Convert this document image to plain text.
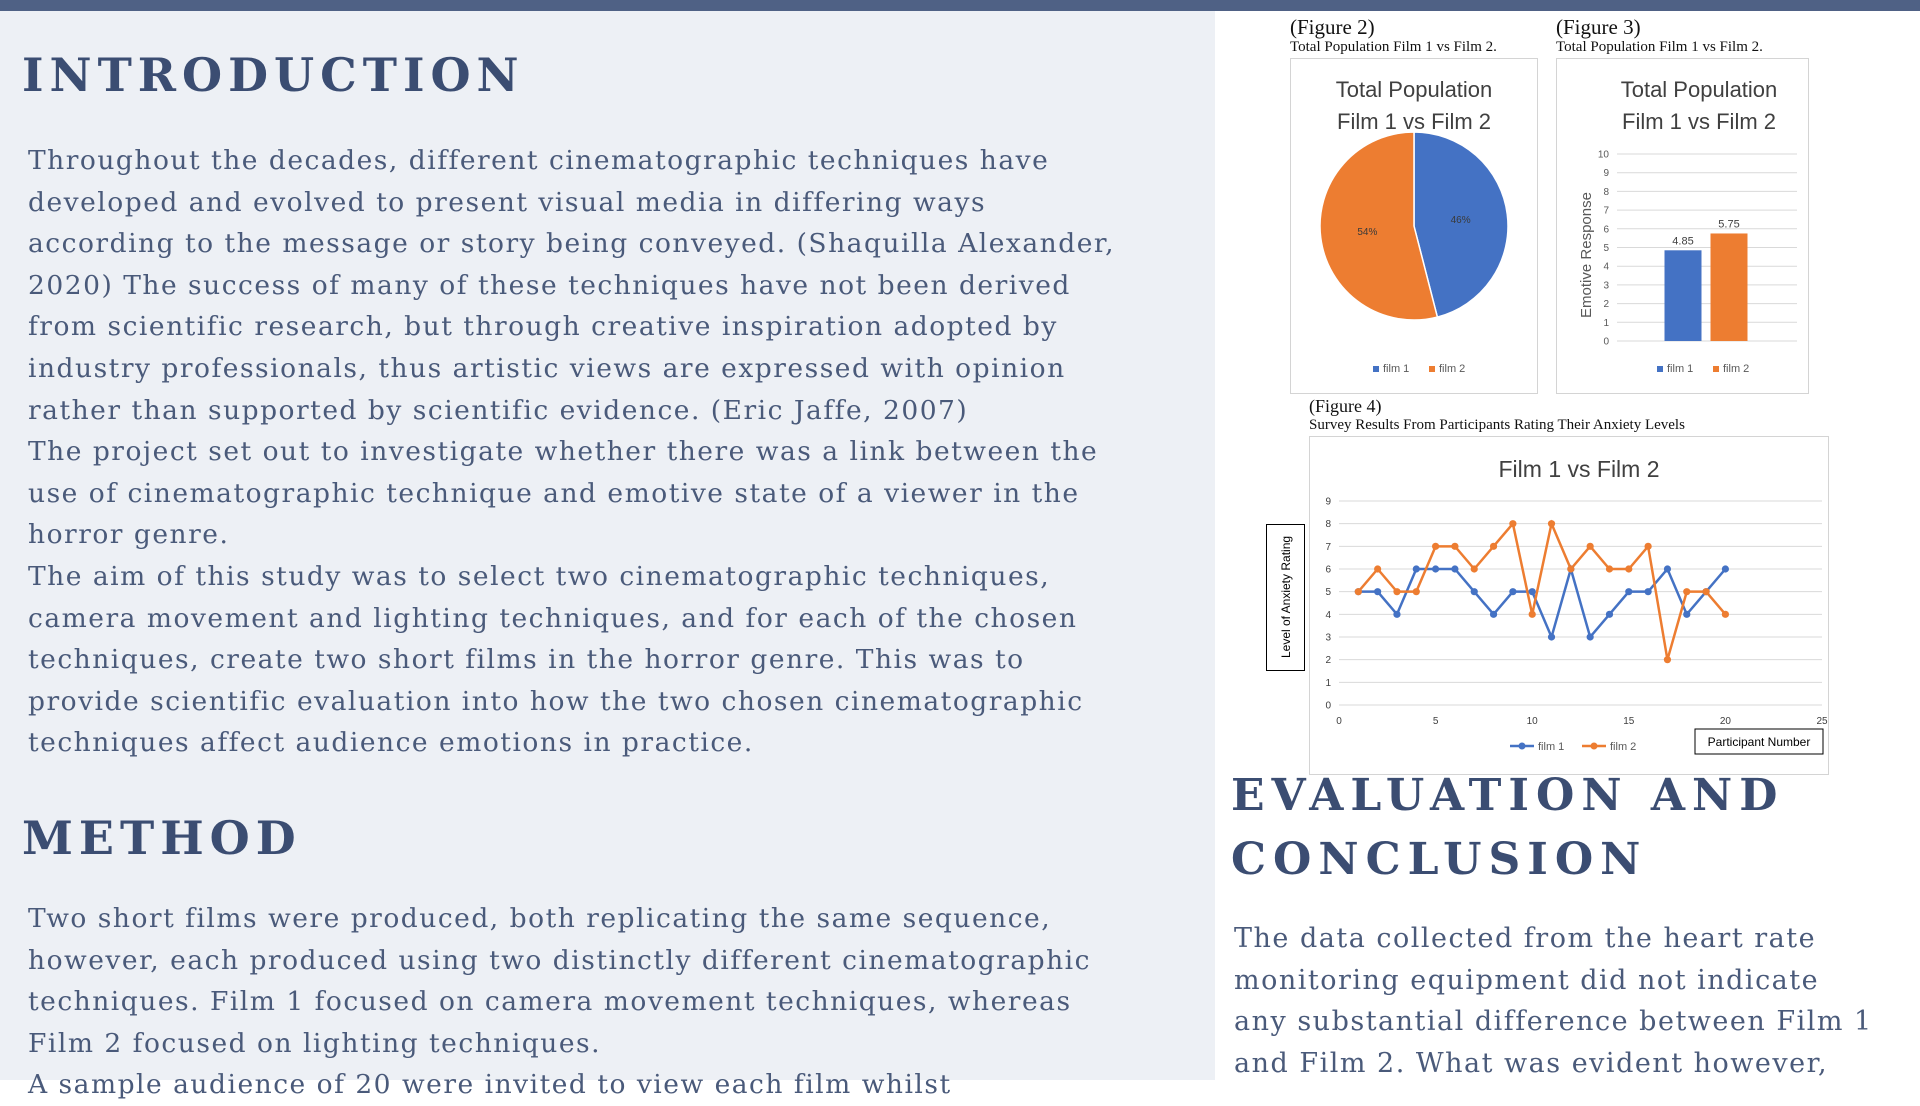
INTRODUCTION
Throughout the decades, different cinematographic techniques have
developed and evolved to present visual media in differing ways
according to the message or story being conveyed. (Shaquilla Alexander,
2020) The success of many of these techniques have not been derived
from scientific research, but through creative inspiration adopted by
industry professionals, thus artistic views are expressed with opinion
rather than supported by scientific evidence. (Eric Jaffe, 2007)
The project set out to investigate whether there was a link between the
use of cinematographic technique and emotive state of a viewer in the
horror genre.
The aim of this study was to select two cinematographic techniques,
camera movement and lighting techniques, and for each of the chosen
techniques, create two short films in the horror genre. This was to
provide scientific evaluation into how the two chosen cinematographic
techniques affect audience emotions in practice.
METHOD
Two short films were produced, both replicating the same sequence,
however, each produced using two distinctly different cinematographic
techniques. Film 1 focused on camera movement techniques, whereas
Film 2 focused on lighting techniques.
A sample audience of 20 were invited to view each film whilst
(Figure 2)
Total Population Film 1 vs Film 2.
(Figure 3)
Total Population Film 1 vs Film 2.
Total Population
Film 1 vs Film 2
46%
54%
film 1	film 2
Total Population
Film 1 vs Film 2
Emotive Response
0
1
2
3
4
5
6
7
8
9
10
4.85
5.75
film 1	film 2
(Figure 4)
Survey Results From Participants Rating Their Anxiety Levels
Film 1 vs Film 2
0
1
2
3
4
5
6
7
8
9
0	5	10	15	20	25
film 1	film 2	Participant Number
Level of Anxiety Rating
EVALUATION AND
CONCLUSION
The data collected from the heart rate
monitoring equipment did not indicate
any substantial difference between Film 1
and Film 2. What was evident however,
